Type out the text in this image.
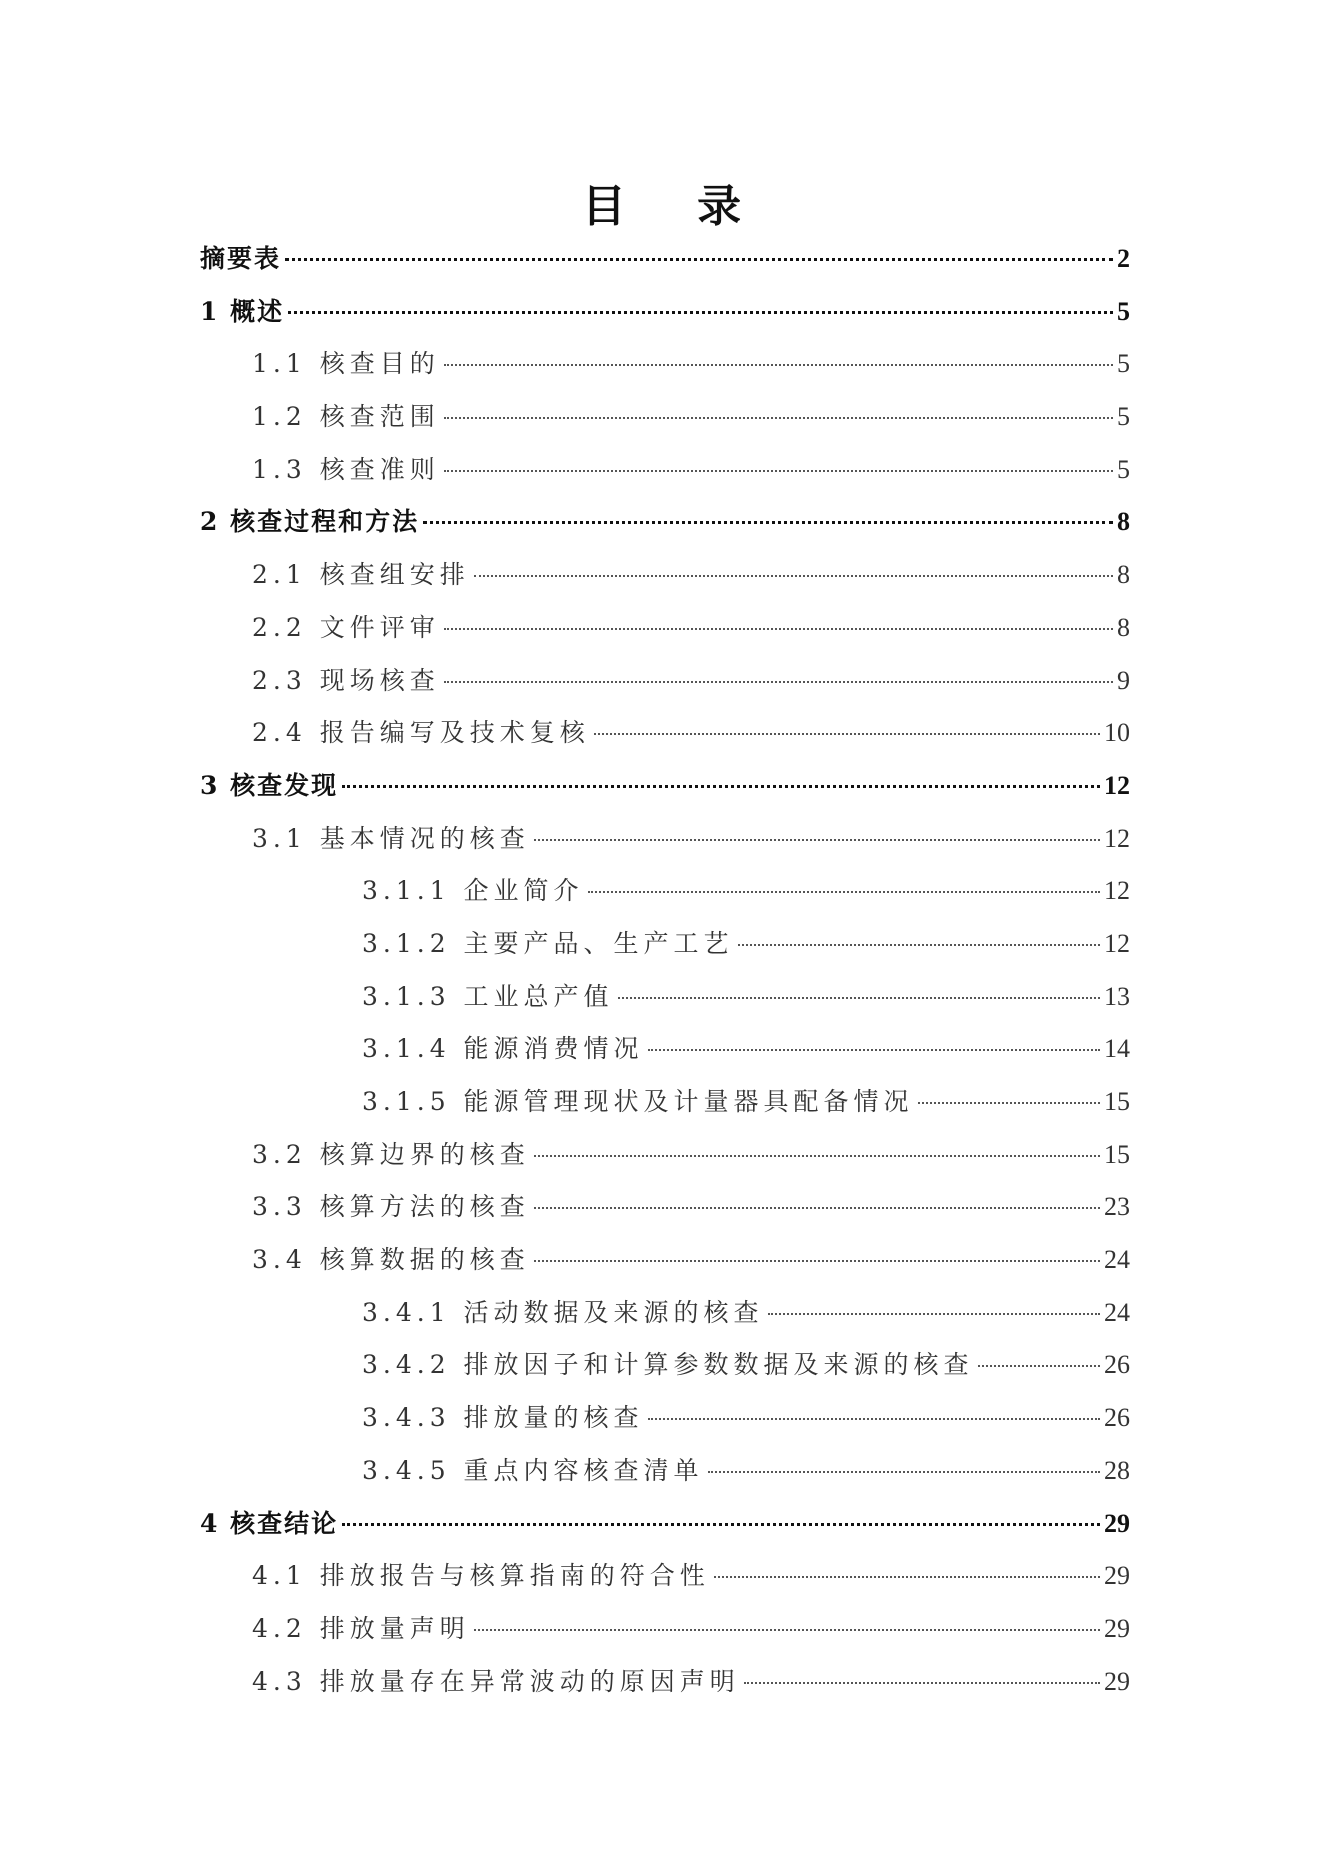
目 录
摘要表	2
1 概述	5
1.1 核查目的	5
1.2 核查范围	5
1.3 核查准则	5
2 核查过程和方法	8
2.1 核查组安排	8
2.2 文件评审	8
2.3 现场核查	9
2.4 报告编写及技术复核	10
3 核查发现	12
3.1 基本情况的核查	12
3.1.1 企业简介	12
3.1.2 主要产品、生产工艺	12
3.1.3 工业总产值	13
3.1.4 能源消费情况	14
3.1.5 能源管理现状及计量器具配备情况	15
3.2 核算边界的核查	15
3.3 核算方法的核查	23
3.4 核算数据的核查	24
3.4.1 活动数据及来源的核查	24
3.4.2 排放因子和计算参数数据及来源的核查	26
3.4.3 排放量的核查	26
3.4.5 重点内容核查清单	28
4 核查结论	29
4.1 排放报告与核算指南的符合性	29
4.2 排放量声明	29
4.3 排放量存在异常波动的原因声明	29
